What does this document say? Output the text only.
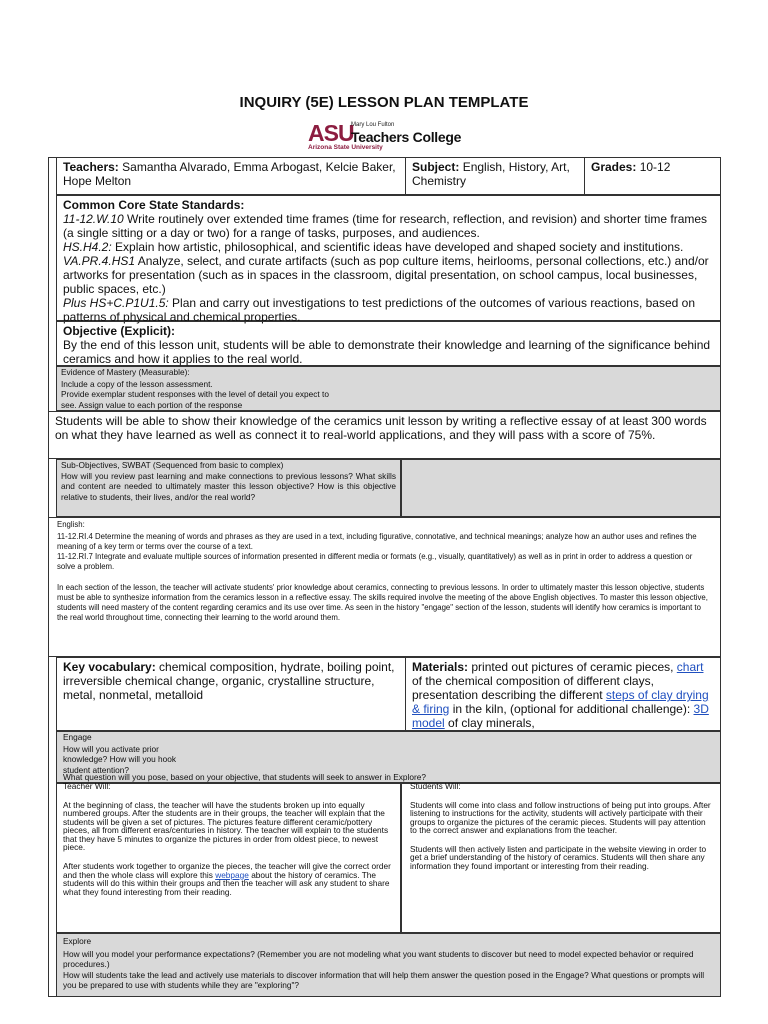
INQUIRY (5E) LESSON PLAN TEMPLATE
ASU
Arizona State University
Mary Lou Fulton
Teachers College
Teachers: Samantha Alvarado, Emma Arbogast, Kelcie Baker, Hope Melton
Subject: English, History, Art, Chemistry
Grades: 10-12
Common Core State Standards:

11-12.W.10 Write routinely over extended time frames (time for research, reflection, and revision) and shorter time frames (a single sitting or a day or two) for a range of tasks, purposes, and audiences.

HS.H4.2: Explain how artistic, philosophical, and scientific ideas have developed and shaped society and institutions.

VA.PR.4.HS1 Analyze, select, and curate artifacts (such as pop culture items, heirlooms, personal collections, etc.) and/or artworks for presentation (such as in spaces in the classroom, digital presentation, on school campus, local businesses, public spaces, etc.)

Plus HS+C.P1U1.5: Plan and carry out investigations to test predictions of the outcomes of various reactions, based on patterns of physical and chemical properties.

Objective (Explicit):

By the end of this lesson unit, students will be able to demonstrate their knowledge and learning of the significance behind ceramics and how it applies to the real world.

Evidence of Mastery (Measurable):
Include a copy of the lesson assessment.
Provide exemplar student responses with the level of detail you expect to
see. Assign value to each portion of the response

Students will be able to show their knowledge of the ceramics unit lesson by writing a reflective essay of at least 300 words on what they have learned as well as connect it to real-world applications, and they will pass with a score of 75%.

Sub-Objectives, SWBAT (Sequenced from basic to complex)
How will you review past learning and make connections to previous lessons? What skills and content are needed to ultimately master this lesson objective? How is this objective relative to students, their lives, and/or the real world?
English:

11-12.RI.4 Determine the meaning of words and phrases as they are used in a text, including figurative, connotative, and technical meanings; analyze how an author uses and refines the meaning of a key term or terms over the course of a text.

11-12.RI.7 Integrate and evaluate multiple sources of information presented in different media or formats (e.g., visually, quantitatively) as well as in print in order to address a question or solve a problem.

In each section of the lesson, the teacher will activate students' prior knowledge about ceramics, connecting to previous lessons. In order to ultimately master this lesson objective, students must be able to synthesize information from the ceramics lesson in a reflective essay. The skills required involve the meeting of the above English objectives. To master this lesson objective, students will need mastery of the content regarding ceramics and its use over time. As seen in the history "engage" section of the lesson, students will identify how ceramics is important to the real world throughout time, connecting their learning to the world around them.

Key vocabulary: chemical composition, hydrate, boiling point, irreversible chemical change, organic, crystalline structure, metal, nonmetal, metalloid
Materials: printed out pictures of ceramic pieces, chart of the chemical composition of different clays, presentation describing the different steps of clay drying & firing in the kiln, (optional for additional challenge): 3D model of clay minerals,
Engage
How will you activate prior
knowledge? How will you hook
student attention?
What question will you pose, based on your objective, that students will seek to answer in Explore?
Teacher Will:

At the beginning of class, the teacher will have the students broken up into equally numbered groups. After the students are in their groups, the teacher will explain that the students will be given a set of pictures. The pictures feature different ceramic/pottery pieces, all from different eras/centuries in history. The teacher will explain to the students that they have 5 minutes to organize the pictures in order from oldest piece, to newest piece.

After students work together to organize the pieces, the teacher will give the correct order and then the whole class will explore this webpage about the history of ceramics. The students will do this within their groups and then the teacher will ask any student to share what they found interesting from their reading.

Students Will:

Students will come into class and follow instructions of being put into groups. After listening to instructions for the activity, students will actively participate with their groups to organize the pictures of the ceramic pieces. Students will pay attention to the correct answer and explanations from the teacher.

Students will then actively listen and participate in the website viewing in order to get a brief understanding of the history of ceramics. Students will then share any information they found important or interesting from their reading.

Explore
How will you model your performance expectations? (Remember you are not modeling what you want students to discover but need to model expected behavior or required procedures.)
How will students take the lead and actively use materials to discover information that will help them answer the question posed in the Engage? What questions or prompts will you be prepared to use with students while they are "exploring"?
